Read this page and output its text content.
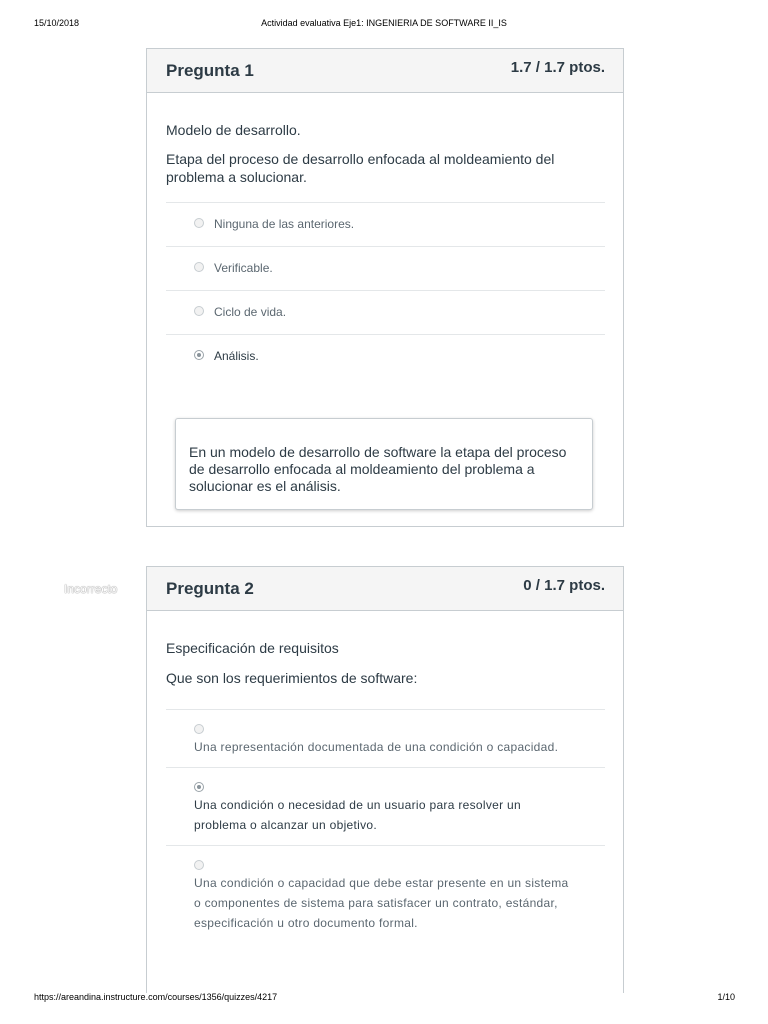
Actividad evaluativa Eje1: INGENIERIA DE SOFTWARE II_IS
15/10/2018
Pregunta 1	1.7 / 1.7 ptos.
Modelo de desarrollo.
Etapa del proceso de desarrollo enfocada al moldeamiento del problema a solucionar.
Ninguna de las anteriores.
Verificable.
Ciclo de vida.
Análisis.
En un modelo de desarrollo de software la etapa del proceso de desarrollo enfocada al moldeamiento del problema a solucionar es el análisis.
Incorrecto	Pregunta 2	0 / 1.7 ptos.
Especificación de requisitos
Que son los requerimientos de software:
Una representación documentada de una condición o capacidad.
Una condición o necesidad de un usuario para resolver un problema o alcanzar un objetivo.
Una condición o capacidad que debe estar presente en un sistema o componentes de sistema para satisfacer un contrato, estándar, especificación u otro documento formal.
https://areandina.instructure.com/courses/1356/quizzes/4217	1/10
